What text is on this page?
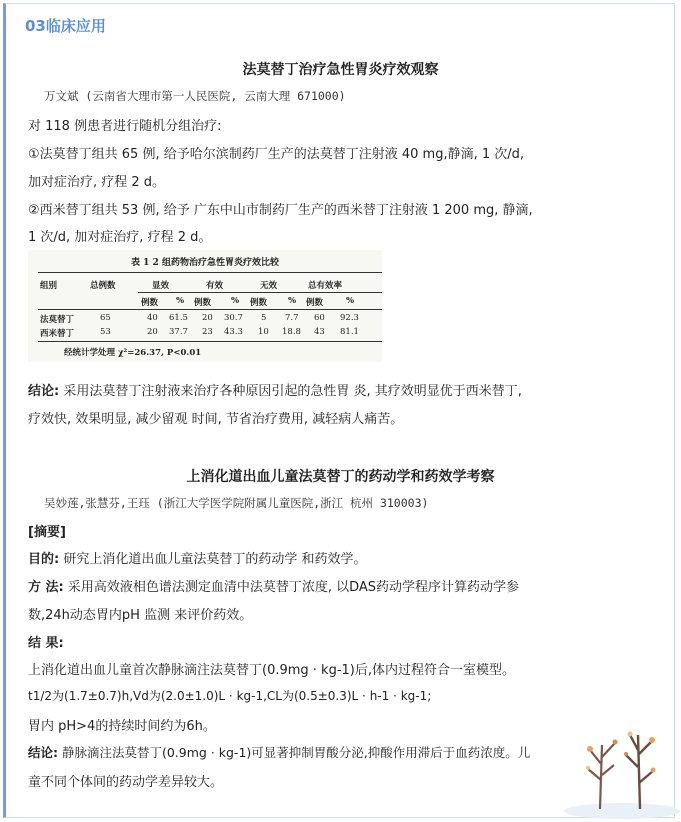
03临床应用
法莫替丁治疗急性胃炎疗效观察
万文斌 (云南省大理市第一人民医院, 云南大理 671000)
对 118 例患者进行随机分组治疗:
①法莫替丁组共 65 例, 给予哈尔滨制药厂生产的法莫替丁注射液 40 mg,静滴, 1 次/d,
加对症治疗, 疗程 2 d。
②西米替丁组共 53 例, 给予 广东中山市制药厂生产的西米替丁注射液 1 200 mg, 静滴,
1 次/d, 加对症治疗, 疗程 2 d。
表 1 2 组药物治疗急性胃炎疗效比较
组别	总例数	显效	有效	无效	总有效率
例数 % 例数 % 例数 % 例数	%
法莫替丁	65	40 61.5 20 30.7 5 7.7 60 92.3
西米替丁	53	20 37.7 23 43.3 10 18.8 43 81.1
经统计学处理 χ²=26.37, P<0.01
结论: 采用法莫替丁注射液来治疗各种原因引起的急性胃 炎, 其疗效明显优于西米替丁,
疗效快, 效果明显, 减少留观 时间, 节省治疗费用, 减轻病人痛苦。
上消化道出血儿童法莫替丁的药动学和药效学考察
吴妙莲,张慧芬,王珏 (浙江大学医学院附属儿童医院,浙江 杭州 310003)
[摘要]
目的: 研究上消化道出血儿童法莫替丁的药动学 和药效学。
方 法: 采用高效液相色谱法测定血清中法莫替丁浓度, 以DAS药动学程序计算药动学参
数,24h动态胃内pH 监测 来评价药效。
结 果:
上消化道出血儿童首次静脉滴注法莫替丁(0.9mg · kg-1)后,体内过程符合一室模型。
t1/2为(1.7±0.7)h,Vd为(2.0±1.0)L · kg-1,CL为(0.5±0.3)L · h-1 · kg-1;
胃内 pH>4的持续时间约为6h。
结论: 静脉滴注法莫替丁(0.9mg · kg-1)可显著抑制胃酸分泌,抑酸作用滞后于血药浓度。儿
童不同个体间的药动学差异较大。
